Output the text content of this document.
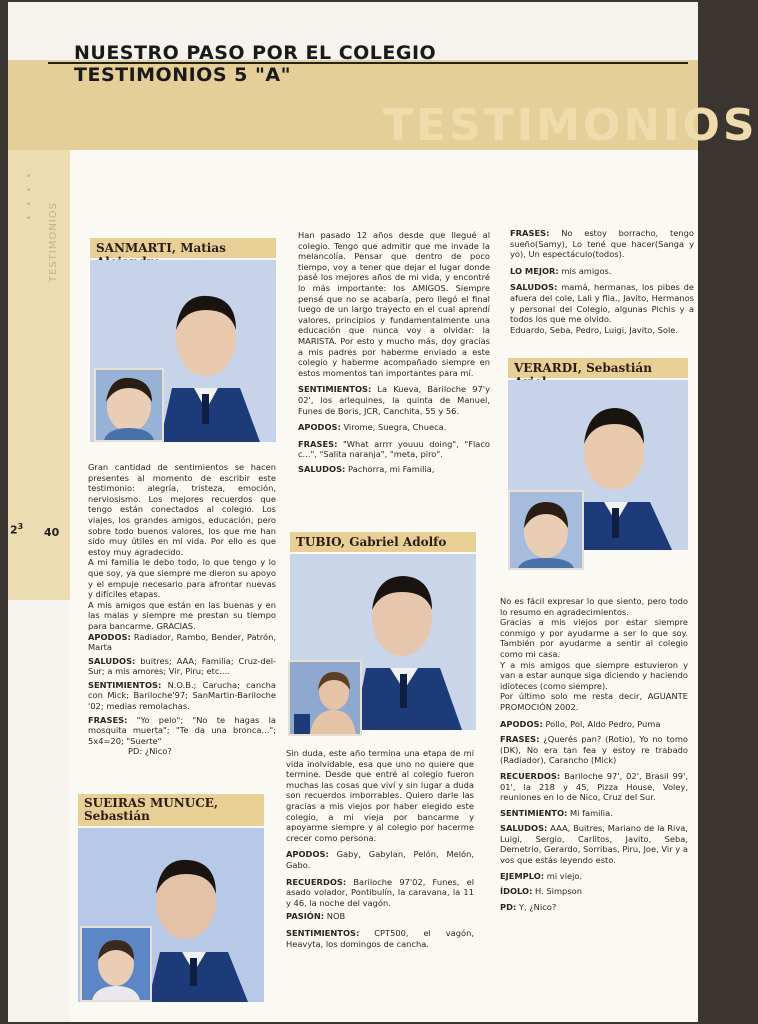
NUESTRO PASO POR EL COLEGIO
TESTIMONIOS 5 "A"
TESTIMONIOS
•
•
•
•	TESTIMONIOS
$2^3$ 40
SANMARTI, Matias

Gran cantidad de sentimientos se hacen presentes al momento de escribir este testimonio: alegría, tristeza, emoción, nerviosismo. Los mejores recuerdos que tengo están conectados al colegio. Los viajes, los grandes amigos, educación, pero sobre todo buenos valores, los que me han sido muy útiles en mi vida. Por ello es que estoy muy agradecido.

A mi familia le debo todo, lo que tengo y lo que soy, ya que siempre me dieron su apoyo y el empuje necesario para afrontar nuevas y difíciles etapas.

A mis amigos que están en las buenas y en las malas y siempre me prestan su tiempo para bancarme. GRACIAS.

APODOS: Radiador, Rambo, Bender, Patrón, Marta

SALUDOS: buitres; AAA; Familia; Cruz-del-Sur; a mis amores; Vir, Piru; etc....

SENTIMIENTOS: N.O.B.; Carucha; cancha con Mick; Bariloche'97; SanMartin-Bariloche '02; medias remolachas.

FRASES: "Yo pelo"; "No te hagas la mosquita muerta"; "Te da una bronca..."; 5x4=20; "Suerte"

PD: ¿Nico?

SUEIRAS MUNUCE, Sebastián

Han pasado 12 años desde que llegué al colegio. Tengo que admitir que me invade la melancolía. Pensar que dentro de poco tiempo, voy a tener que dejar el lugar donde pasé los mejores años de mi vida, y encontré lo más importante: los AMIGOS. Siempre pensé que no se acabaría, pero llegó el final luego de un largo trayecto en el cual aprendí valores, principios y fundamentalmente una educación que nunca voy a olvidar: la MARISTA. Por esto y mucho más, doy gracias a mis padres por haberme enviado a este colegio y haberme acompañado siempre en estos momentos tan importantes para mí.

SENTIMIENTOS: La Kueva, Bariloche 97'y 02', los arlequines, la quinta de Manuel, Funes de Boris, JCR, Canchita, 55 y 56.

APODOS: Virome, Suegra, Chueca.

FRASES: "What arrrr youuu doing", "Flaco c...", "Salita naranja", "meta, piro".

SALUDOS: Pachorra, mi Familia,

TUBIO, Gabriel Adolfo

Sin duda, este año termina una etapa de mi vida inolvidable, esa que uno no quiere que termine. Desde que entré al colegio fueron muchas las cosas que viví y sin lugar a duda son recuerdos imborrables. Quiero darle las gracias a mis viejos por haber elegido este colegio, a mi vieja por bancarme y apoyarme siempre y al colegio por hacerme crecer como persona.

APODOS: Gaby, Gabylan, Pelón, Melón, Gabo.

RECUERDOS: Bariloche 97'02, Funes, el asado volador, Pontibulín, la caravana, la 11 y 46, la noche del vagón.

PASIÓN: NOB

SENTIMIENTOS: CPT500, el vagón, Heavyta, los domingos de cancha.

FRASES: No estoy borracho, tengo sueño(Samy), Lo tené que hacer(Sanga y yo), Un espectáculo(todos).

LO MEJOR: mis amigos.

SALUDOS: mamá, hermanas, los pibes de afuera del cole, Lali y flia., Javito, Hermanos y personal del Colegio, algunas Pichis y a todos los que me olvido.

Eduardo, Seba, Pedro, Luigi, Javito, Sole.

VERARDI, Sebastián

No es fácil expresar lo que siento, pero todo lo resumo en agradecimientos.

Gracias a mis viejos por estar siempre conmigo y por ayudarme a ser lo que soy. También por ayudarme a sentir al colegio como mi casa.

Y a mis amigos que siempre estuvieron y van a estar aunque siga diciendo y haciendo idioteces (como siempre).

Por último solo me resta decir, AGUANTE PROMOCIÓN 2002.

APODOS: Pollo, Pol, Aldo Pedro, Puma

FRASES: ¿Querés pan? (Rotio), Yo no tomo (DK), No era tan fea y estoy re trabado (Radiador), Caranchо (Mick)

RECUERDOS: Bariloche 97', 02', Brasil 99', 01', la 218 y 45, Pizza House, Voley, reuniones en lo de Nico, Cruz del Sur.

SENTIMIENTO: Mi familia.

SALUDOS: AAA, Buitres, Mariano de la Riva, Luigi, Sergio, Carlitos, Javito, Seba, Demetrio, Gerardo, Sorribas, Piru, Joe, Vir y a vos que estás leyendo esto.

EJEMPLO: mi viejo.

ÍDOLO: H. Simpson

PD: Y, ¿Nico?
